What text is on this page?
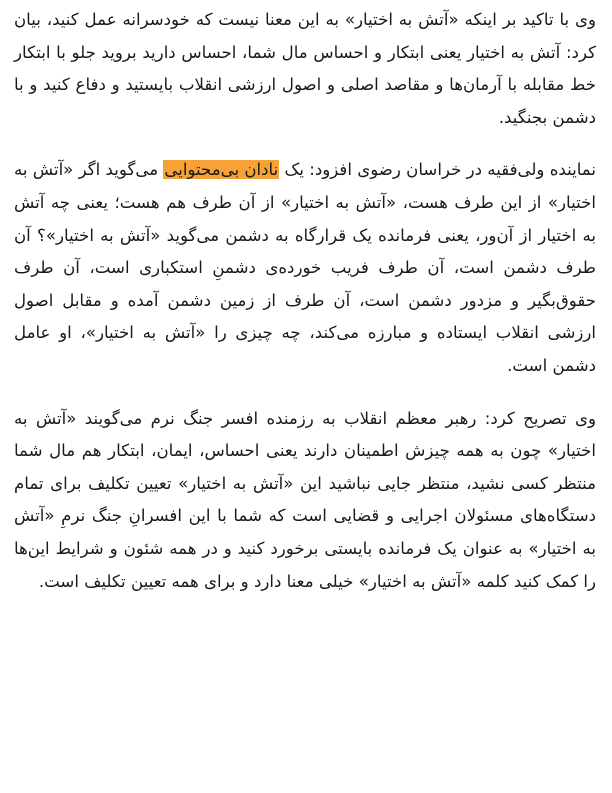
وی با تاکید بر اینکه «آتش به اختیار» به این معنا نیست که خودسرانه عمل کنید، بیان کرد: آتش به اختیار یعنی ابتکار و احساس مال شما، احساس دارید بروید جلو با ابتکار خط مقابله با آرمان‌ها و مقاصد اصلی و اصول ارزشی انقلاب بایستید و دفاع کنید و با دشمن بجنگید.

نماینده ولی‌فقیه در خراسان رضوی افزود: یک نادان بی‌محتوایی می‌گوید اگر «آتش به اختیار» از این طرف هست، «آتش به اختیار» از آن طرف هم هست؛ یعنی چه آتش به اختیار از آن‌ور، یعنی فرمانده یک قرارگاه به دشمن می‌گوید «آتش به اختیار»؟ آن طرف دشمن است، آن طرف فریب خورده‌ی دشمنِ استکباری است، آن طرف حقوق‌بگیر و مزدور دشمن است، آن طرف از زمین دشمن آمده و مقابل اصول ارزشی انقلاب ایستاده و مبارزه می‌کند، چه چیزی را «آتش به اختیار»، او عامل دشمن است.

وی تصریح کرد: رهبر معظم انقلاب به رزمنده افسر جنگ نرم می‌گویند «آتش به اختیار» چون به همه چیزش اطمینان دارند یعنی احساس، ایمان، ابتکار هم مال شما منتظر کسی نشید، منتظر جایی نباشید این «آتش به اختیار» تعیین تکلیف برای تمام دستگاه‌های مسئولان اجرایی و قضایی است که شما با این افسرانِ جنگ نرمِ «آتش به اختیار» به عنوان یک فرمانده بایستی برخورد کنید و در همه شئون و شرایط این‌ها را کمک کنید کلمه «آتش به اختیار» خیلی معنا دارد و برای همه تعیین تکلیف است.
